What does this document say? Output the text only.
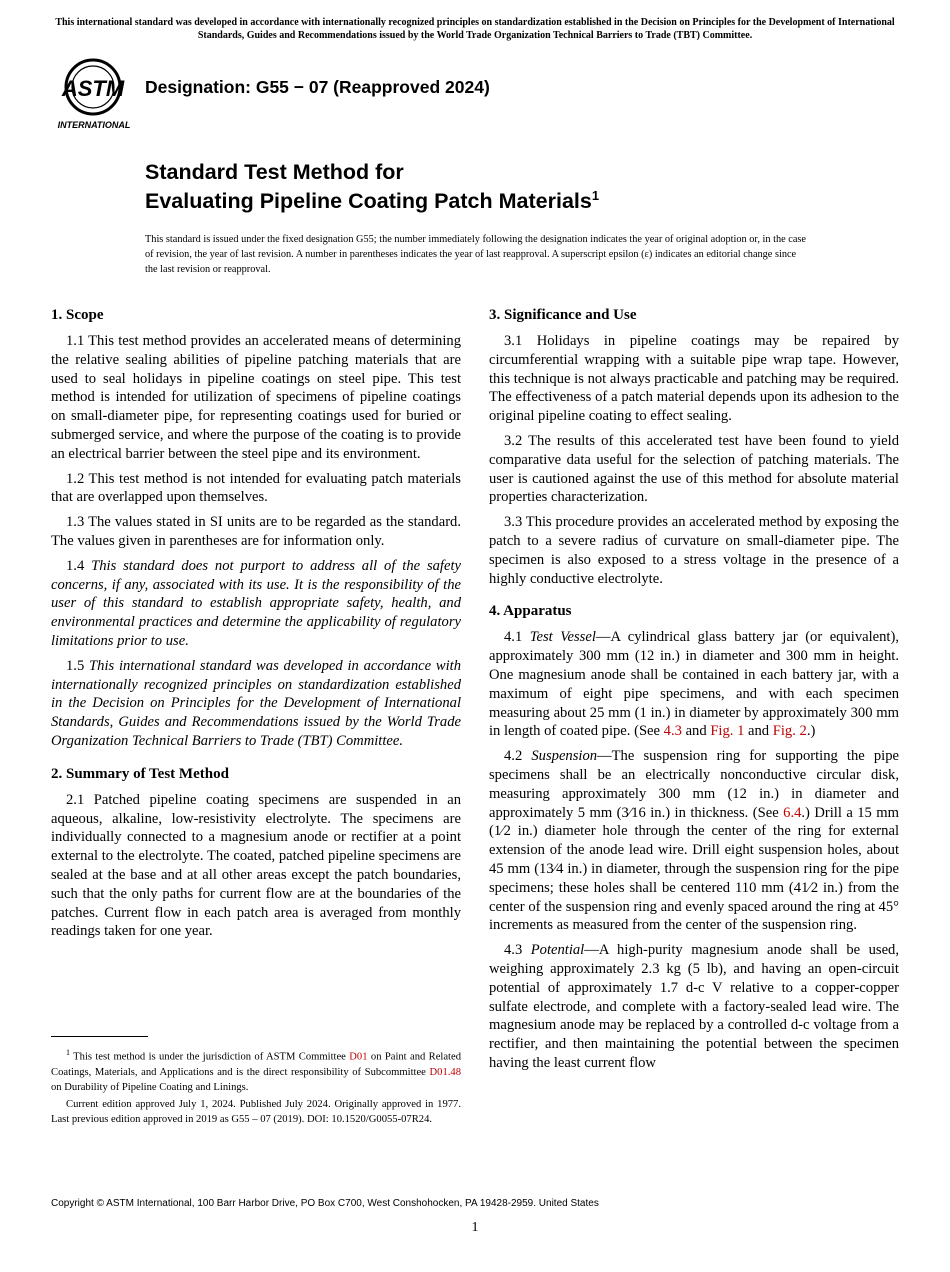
This international standard was developed in accordance with internationally recognized principles on standardization established in the Decision on Principles for the Development of International Standards, Guides and Recommendations issued by the World Trade Organization Technical Barriers to Trade (TBT) Committee.
ASTM
INTERNATIONAL
Designation: G55 − 07 (Reapproved 2024)
Standard Test Method for
Evaluating Pipeline Coating Patch Materials$^1$
This standard is issued under the fixed designation G55; the number immediately following the designation indicates the year of original adoption or, in the case of revision, the year of last revision. A number in parentheses indicates the year of last reapproval. A superscript epsilon (ε) indicates an editorial change since the last revision or reapproval.
1. Scope

1.1 This test method provides an accelerated means of determining the relative sealing abilities of pipeline patching materials that are used to seal holidays in pipeline coatings on steel pipe. This test method is intended for utilization of specimens of pipeline coatings on small-diameter pipe, for representing coatings used for buried or submerged service, and where the purpose of the coating is to provide an electrical barrier between the steel pipe and its environment.

1.2 This test method is not intended for evaluating patch materials that are overlapped upon themselves.

1.3 The values stated in SI units are to be regarded as the standard. The values given in parentheses are for information only.

1.4 This standard does not purport to address all of the safety concerns, if any, associated with its use. It is the responsibility of the user of this standard to establish appropriate safety, health, and environmental practices and determine the applicability of regulatory limitations prior to use.

1.5 This international standard was developed in accordance with internationally recognized principles on standardization established in the Decision on Principles for the Development of International Standards, Guides and Recommendations issued by the World Trade Organization Technical Barriers to Trade (TBT) Committee.

2. Summary of Test Method

2.1 Patched pipeline coating specimens are suspended in an aqueous, alkaline, low-resistivity electrolyte. The specimens are individually connected to a magnesium anode or rectifier at a point external to the electrolyte. The coated, patched pipeline specimens are sealed at the base and at all other areas except the patch boundaries, such that the only paths for current flow are at the boundaries of the patches. Current flow in each patch area is averaged from monthly readings taken for one year.

3. Significance and Use

3.1 Holidays in pipeline coatings may be repaired by circumferential wrapping with a suitable pipe wrap tape. However, this technique is not always practicable and patching may be required. The effectiveness of a patch material depends upon its adhesion to the original pipeline coating to effect sealing.

3.2 The results of this accelerated test have been found to yield comparative data useful for the selection of patching materials. The user is cautioned against the use of this method for absolute material properties characterization.

3.3 This procedure provides an accelerated method by exposing the patch to a severe radius of curvature on small-diameter pipe. The specimen is also exposed to a stress voltage in the presence of a highly conductive electrolyte.

4. Apparatus

4.1 Test Vessel—A cylindrical glass battery jar (or equivalent), approximately 300 mm (12 in.) in diameter and 300 mm in height. One magnesium anode shall be contained in each battery jar, with a maximum of eight pipe specimens, and with each specimen measuring about 25 mm (1 in.) in diameter by approximately 300 mm in length of coated pipe. (See 4.3 and Fig. 1 and Fig. 2.)

4.2 Suspension—The suspension ring for supporting the pipe specimens shall be an electrically nonconductive circular disk, measuring approximately 300 mm (12 in.) in diameter and approximately 5 mm (3⁄16 in.) in thickness. (See 6.4.) Drill a 15 mm (1⁄2 in.) diameter hole through the center of the ring for external extension of the anode lead wire. Drill eight suspension holes, about 45 mm (13⁄4 in.) in diameter, through the suspension ring for the pipe specimens; these holes shall be centered 110 mm (41⁄2 in.) from the center of the suspension ring and evenly spaced around the ring at 45° increments as measured from the center of the suspension ring.

4.3 Potential—A high-purity magnesium anode shall be used, weighing approximately 2.3 kg (5 lb), and having an open-circuit potential of approximately 1.7 d-c V relative to a copper-copper sulfate electrode, and complete with a factory-sealed lead wire. The magnesium anode may be replaced by a controlled d-c voltage from a rectifier, and then maintaining the potential between the specimen having the least current flow

$^1$ This test method is under the jurisdiction of ASTM Committee D01 on Paint and Related Coatings, Materials, and Applications and is the direct responsibility of Subcommittee D01.48 on Durability of Pipeline Coating and Linings.

Current edition approved July 1, 2024. Published July 2024. Originally approved in 1977. Last previous edition approved in 2019 as G55 – 07 (2019). DOI: 10.1520/G0055-07R24.

Copyright © ASTM International, 100 Barr Harbor Drive, PO Box C700, West Conshohocken, PA 19428-2959. United States
1
